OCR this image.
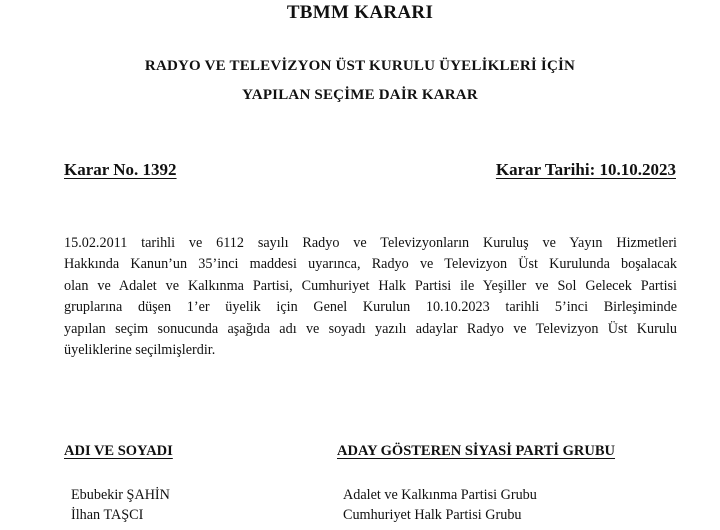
TBMM KARARI
RADYO VE TELEVİZYON ÜST KURULU ÜYELİKLERİ İÇİN
YAPILAN SEÇİME DAİR KARAR
Karar No. 1392	Karar Tarihi: 10.10.2023
15.02.2011 tarihli ve 6112 sayılı Radyo ve Televizyonların Kuruluş ve Yayın Hizmetleri
Hakkında Kanun’un 35’inci maddesi uyarınca, Radyo ve Televizyon Üst Kurulunda boşalacak
olan ve Adalet ve Kalkınma Partisi, Cumhuriyet Halk Partisi ile Yeşiller ve Sol Gelecek Partisi
gruplarına düşen 1’er üyelik için Genel Kurulun 10.10.2023 tarihli 5’inci Birleşiminde
yapılan seçim sonucunda aşağıda adı ve soyadı yazılı adaylar Radyo ve Televizyon Üst Kurulu
üyeliklerine seçilmişlerdir.
ADI VE SOYADI	ADAY GÖSTEREN SİYASİ PARTİ GRUBU
Ebubekir ŞAHİN	Adalet ve Kalkınma Partisi Grubu
İlhan TAŞCI	Cumhuriyet Halk Partisi Grubu
